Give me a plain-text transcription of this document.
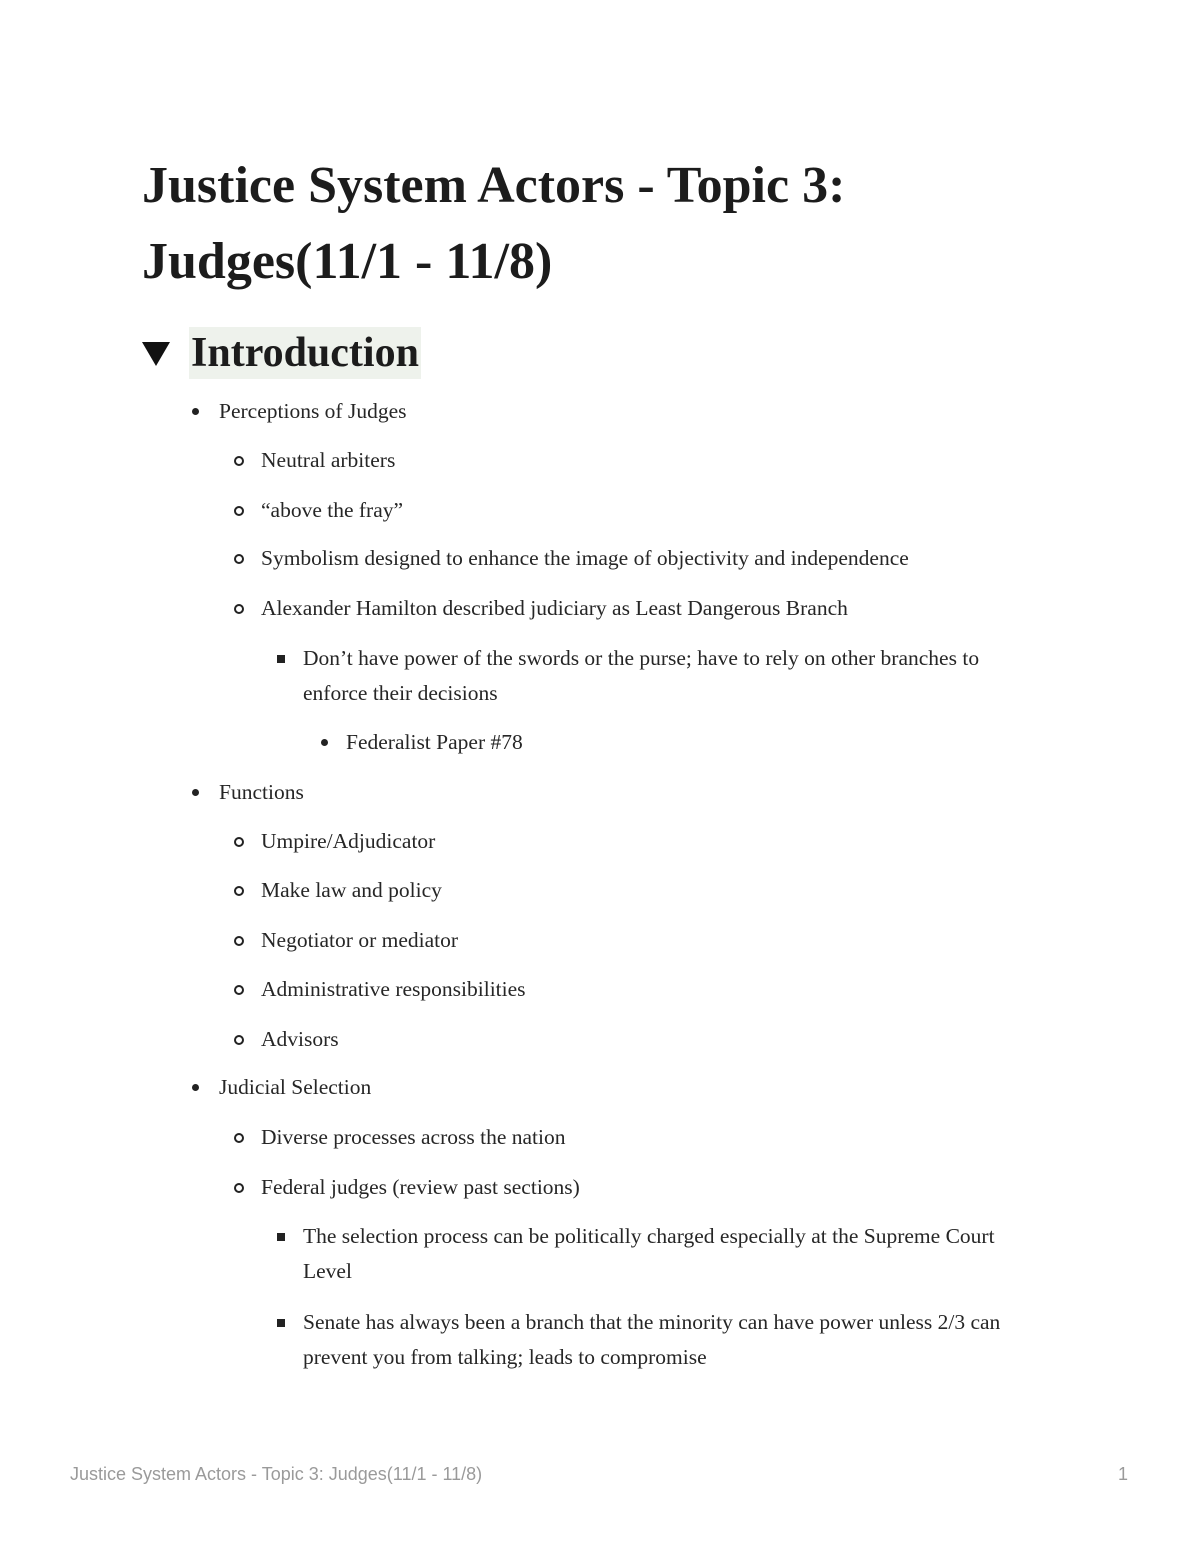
Justice System Actors - Topic 3: Judges(11/1 - 11/8)
Introduction
Perceptions of Judges
Neutral arbiters
“above the fray”
Symbolism designed to enhance the image of objectivity and independence
Alexander Hamilton described judiciary as Least Dangerous Branch
Don’t have power of the swords or the purse; have to rely on other branches to enforce their decisions
Federalist Paper #78
Functions
Umpire/Adjudicator
Make law and policy
Negotiator or mediator
Administrative responsibilities
Advisors
Judicial Selection
Diverse processes across the nation
Federal judges (review past sections)
The selection process can be politically charged especially at the Supreme Court Level
Senate has always been a branch that the minority can have power unless 2/3 can prevent you from talking; leads to compromise
Justice System Actors - Topic 3: Judges(11/1 - 11/8)	1
